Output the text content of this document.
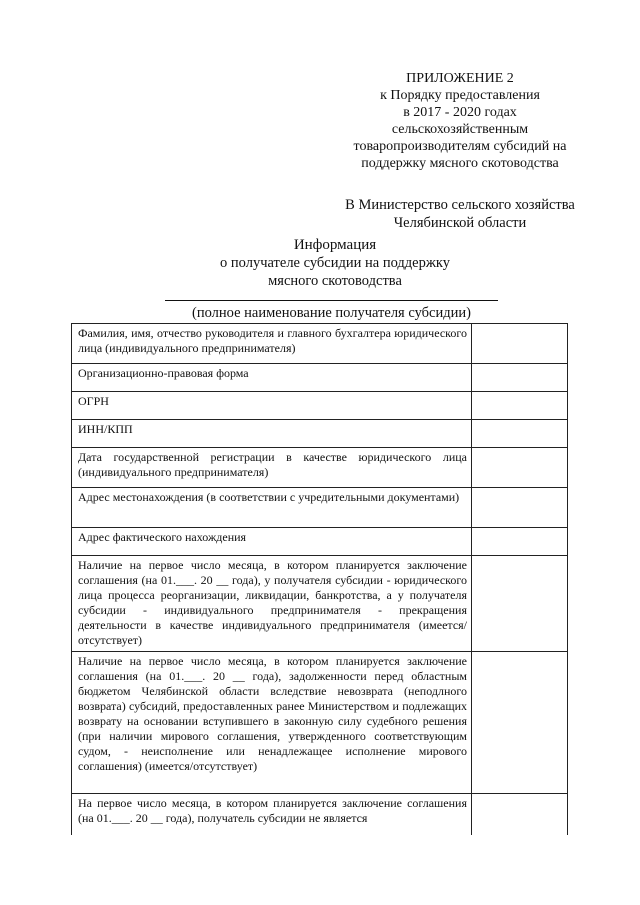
ПРИЛОЖЕНИЕ 2
к Порядку предоставления
в 2017 - 2020 годах
сельскохозяйственным
товаропроизводителям субсидий на
поддержку мясного скотоводства
В Министерство сельского хозяйства
Челябинской области
Информация
о получателе субсидии на поддержку
мясного скотоводства
(полное наименование получателя субсидии)
Фамилия, имя, отчество руководителя и главного бухгалтера юридического лица (индивидуального предпринимателя)	
Организационно-правовая форма	
ОГРН	
ИНН/КПП	
Дата государственной регистрации в качестве юридического лица (индивидуального предпринимателя)	
Адрес местонахождения (в соответствии с учредительными документами)	
Адрес фактического нахождения	
Наличие на первое число месяца, в котором планируется заключение соглашения (на 01.___. 20 __ года), у получателя субсидии - юридического лица процесса реорганизации, ликвидации, банкротства, а у получателя субсидии - индивидуального предпринимателя - прекращения деятельности в качестве индивидуального предпринимателя (имеется/отсутствует)	
Наличие на первое число месяца, в котором планируется заключение соглашения (на 01.___. 20 __ года), задолженности перед областным бюджетом Челябинской области вследствие невозврата (неподлного возврата) субсидий, предоставленных ранее Министерством и подлежащих возврату на основании вступившего в законную силу судебного решения (при наличии мирового соглашения, утвержденного соответствующим судом, - неисполнение или ненадлежащее исполнение мирового соглашения) (имеется/отсутствует)	
На первое число месяца, в котором планируется заключение соглашения (на 01.___. 20 __ года), получатель субсидии не является	
